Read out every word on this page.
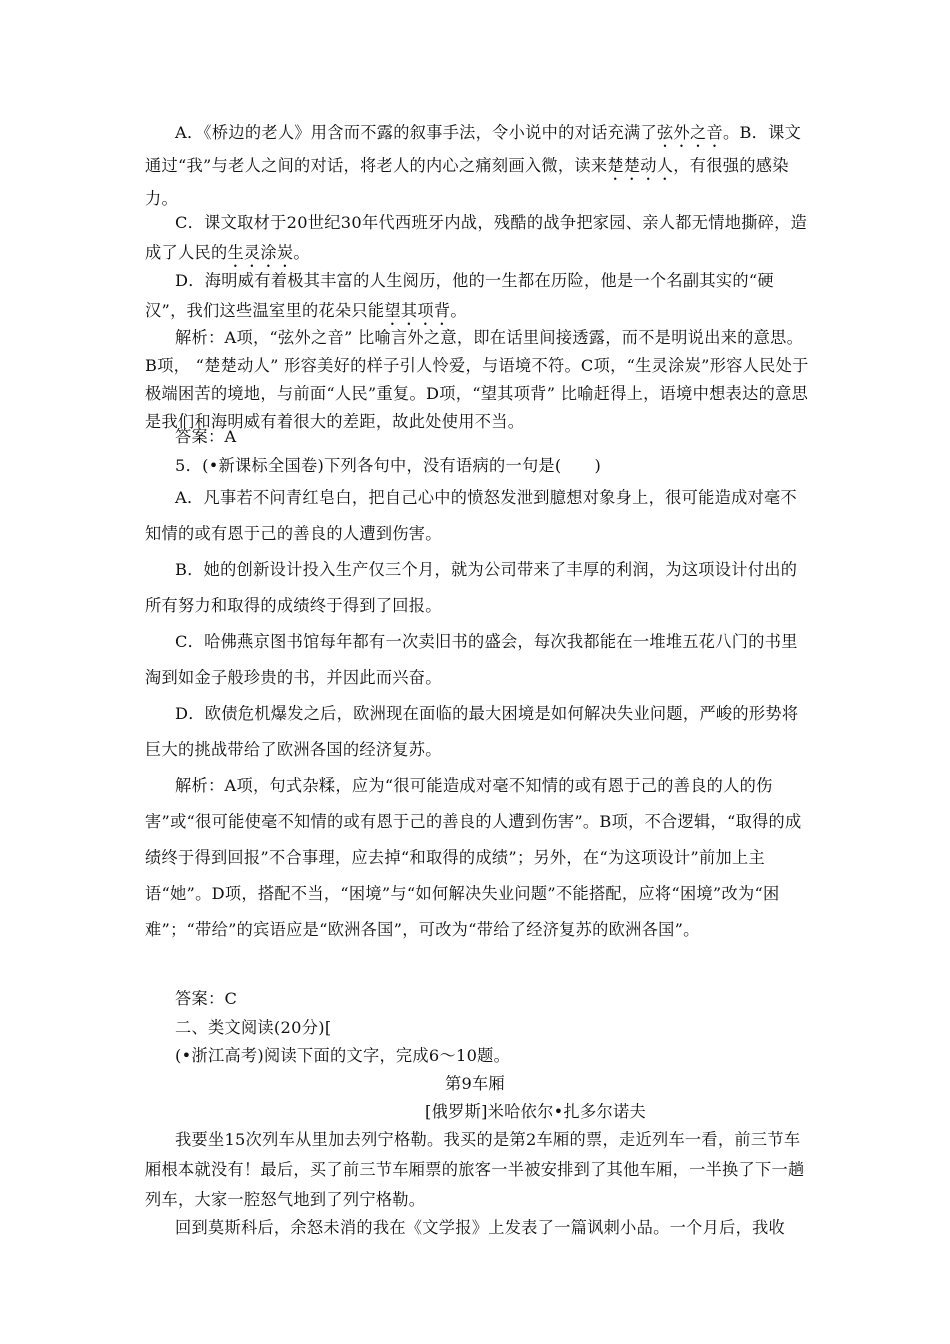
A．《桥边的老人》用含而不露的叙事手法，令小说中的对话充满了弦外之音。B．课文通过“我”与老人之间的对话，将老人的内心之痛刻画入微，读来楚楚动人，有很强的感染力。
C．课文取材于20世纪30年代西班牙内战，残酷的战争把家园、亲人都无情地撕碎，造成了人民的生灵涂炭。
D．海明威有着极其丰富的人生阅历，他的一生都在历险，他是一个名副其实的“硬汉”，我们这些温室里的花朵只能望其项背。
解析：A项，“弦外之音” 比喻言外之意，即在话里间接透露，而不是明说出来的意思。B项， “楚楚动人” 形容美好的样子引人怜爱，与语境不符。C项，“生灵涂炭”形容人民处于极端困苦的境地，与前面“人民”重复。D项，“望其项背” 比喻赶得上，语境中想表达的意思是我们和海明威有着很大的差距，故此处使用不当。
答案：A
5．(•新课标全国卷)下列各句中，没有语病的一句是(　　)
A．凡事若不问青红皂白，把自己心中的愤怒发泄到臆想对象身上，很可能造成对毫不知情的或有恩于己的善良的人遭到伤害。
B．她的创新设计投入生产仅三个月，就为公司带来了丰厚的利润，为这项设计付出的所有努力和取得的成绩终于得到了回报。
C．哈佛燕京图书馆每年都有一次卖旧书的盛会，每次我都能在一堆堆五花八门的书里淘到如金子般珍贵的书，并因此而兴奋。
D．欧债危机爆发之后，欧洲现在面临的最大困境是如何解决失业问题，严峻的形势将巨大的挑战带给了欧洲各国的经济复苏。
解析：A项，句式杂糅，应为“很可能造成对毫不知情的或有恩于己的善良的人的伤害”或“很可能使毫不知情的或有恩于己的善良的人遭到伤害”。B项，不合逻辑，“取得的成绩终于得到回报”不合事理，应去掉“和取得的成绩”；另外，在“为这项设计”前加上主语“她”。D项，搭配不当，“困境”与“如何解决失业问题”不能搭配，应将“困境”改为“困难”；“带给”的宾语应是“欧洲各国”，可改为“带给了经济复苏的欧洲各国”。
答案：C
二、类文阅读(20分)[
(•浙江高考)阅读下面的文字，完成6～10题。
第9车厢
[俄罗斯]米哈依尔•扎多尔诺夫
我要坐15次列车从里加去列宁格勒。我买的是第2车厢的票，走近列车一看，前三节车厢根本就没有！最后，买了前三节车厢票的旅客一半被安排到了其他车厢，一半换了下一趟列车，大家一腔怒气地到了列宁格勒。
回到莫斯科后，余怒未消的我在《文学报》上发表了一篇讽刺小品。一个月后，我收
